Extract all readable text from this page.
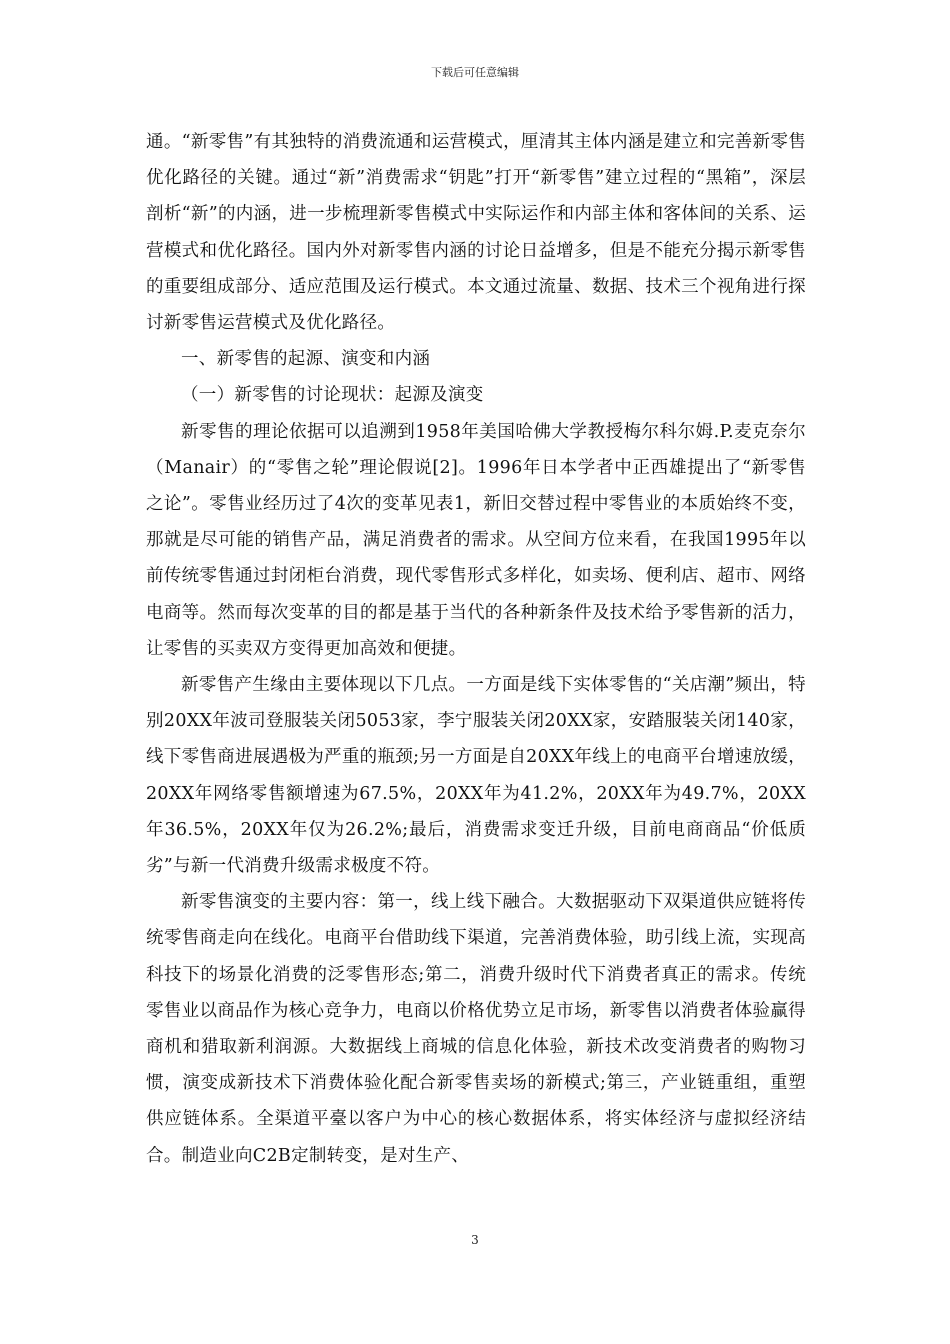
下载后可任意编辑

通。“新零售”有其独特的消费流通和运营模式，厘清其主体内涵是建立和完善新零售优化路径的关键。通过“新”消费需求“钥匙”打开“新零售”建立过程的“黑箱”，深层剖析“新”的内涵，进一步梳理新零售模式中实际运作和内部主体和客体间的关系、运营模式和优化路径。国内外对新零售内涵的讨论日益增多，但是不能充分揭示新零售的重要组成部分、适应范围及运行模式。本文通过流量、数据、技术三个视角进行探讨新零售运营模式及优化路径。

一、新零售的起源、演变和内涵

（一）新零售的讨论现状：起源及演变

新零售的理论依据可以追溯到1958年美国哈佛大学教授梅尔科尔姆.P.麦克奈尔（Manair）的“零售之轮”理论假说[2]。1996年日本学者中正西雄提出了“新零售之论”。零售业经历过了4次的变革见表1，新旧交替过程中零售业的本质始终不变，那就是尽可能的销售产品，满足消费者的需求。从空间方位来看，在我国1995年以前传统零售通过封闭柜台消费，现代零售形式多样化，如卖场、便利店、超市、网络电商等。然而每次变革的目的都是基于当代的各种新条件及技术给予零售新的活力，让零售的买卖双方变得更加高效和便捷。

新零售产生缘由主要体现以下几点。一方面是线下实体零售的“关店潮”频出，特别20XX年波司登服装关闭5053家，李宁服装关闭20XX家，安踏服装关闭140家，线下零售商进展遇极为严重的瓶颈;另一方面是自20XX年线上的电商平台增速放缓，20XX年网络零售额增速为67.5%，20XX年为41.2%，20XX年为49.7%，20XX年36.5%，20XX年仅为26.2%;最后，消费需求变迁升级，目前电商商品“价低质劣”与新一代消费升级需求极度不符。

新零售演变的主要内容：第一，线上线下融合。大数据驱动下双渠道供应链将传统零售商走向在线化。电商平台借助线下渠道，完善消费体验，助引线上流，实现高科技下的场景化消费的泛零售形态;第二，消费升级时代下消费者真正的需求。传统零售业以商品作为核心竞争力，电商以价格优势立足市场，新零售以消费者体验赢得商机和猎取新利润源。大数据线上商城的信息化体验，新技术改变消费者的购物习惯，演变成新技术下消费体验化配合新零售卖场的新模式;第三，产业链重组，重塑供应链体系。全渠道平臺以客户为中心的核心数据体系，将实体经济与虚拟经济结合。制造业向C2B定制转变，是对生产、

3
